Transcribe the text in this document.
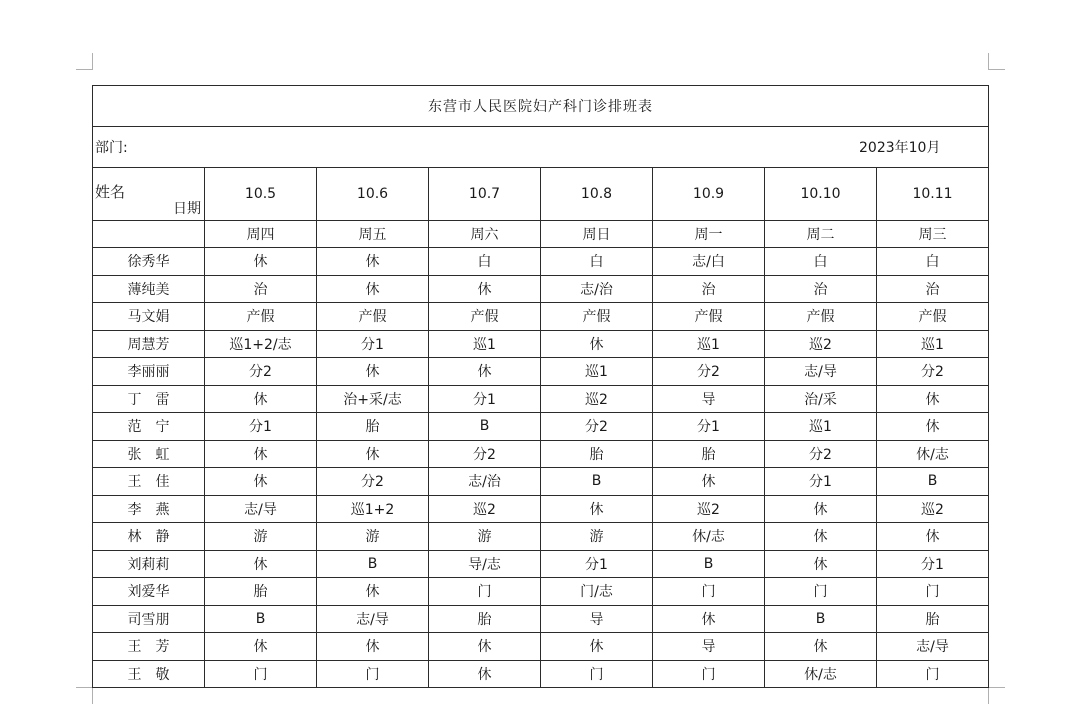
东营市人民医院妇产科门诊排班表							
部门: 2023年10月							

姓名
日期	10.5	10.6	10.7	10.8	10.9	10.10	10.11
	周四	周五	周六	周日	周一	周二	周三
徐秀华	休	休	白	白	志/白	白	白
薄纯美	治	休	休	志/治	治	治	治
马文娟	产假	产假	产假	产假	产假	产假	产假
周慧芳	巡1+2/志	分1	巡1	休	巡1	巡2	巡1
李丽丽	分2	休	休	巡1	分2	志/导	分2
丁　雷	休	治+采/志	分1	巡2	导	治/采	休
范　宁	分1	胎	B	分2	分1	巡1	休
张　虹	休	休	分2	胎	胎	分2	休/志
王　佳	休	分2	志/治	B	休	分1	B
李　燕	志/导	巡1+2	巡2	休	巡2	休	巡2
林　静	游	游	游	游	休/志	休	休
刘莉莉	休	B	导/志	分1	B	休	分1
刘爱华	胎	休	门	门/志	门	门	门
司雪朋	B	志/导	胎	导	休	B	胎
王　芳	休	休	休	休	导	休	志/导
王　敬	门	门	休	门	门	休/志	门
